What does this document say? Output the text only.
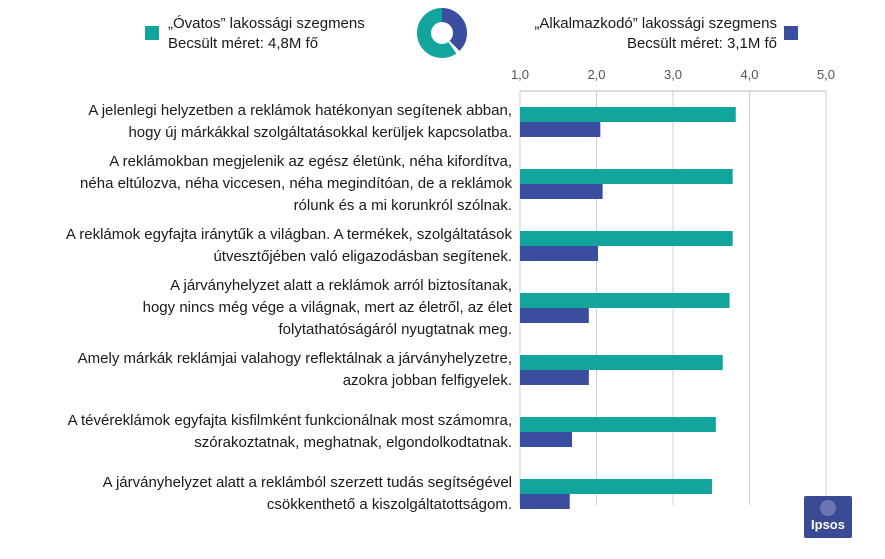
„Óvatos” lakossági szegmens
Becsült méret: 4,8M fő
„Alkalmazkodó” lakossági szegmens
Becsült méret: 3,1M fő
1,0	2,0	3,0	4,0	5,0
A jelenlegi helyzetben a reklámok hatékonyan segítenek abban,
hogy új márkákkal szolgáltatásokkal kerüljek kapcsolatba.
A reklámokban megjelenik az egész életünk, néha kifordítva,
néha eltúlozva, néha viccesen, néha megindítóan, de a reklámok
rólunk és a mi korunkról szólnak.
A reklámok egyfajta iránytűk a világban. A termékek, szolgáltatások
útvesztőjében való eligazodásban segítenek.
A járványhelyzet alatt a reklámok arról biztosítanak,
hogy nincs még vége a világnak, mert az életről, az élet
folytathatóságáról nyugtatnak meg.
Amely márkák reklámjai valahogy reflektálnak a járványhelyzetre,
azokra jobban felfigyelek.
A tévéreklámok egyfajta kisfilmként funkcionálnak most számomra,
szórakoztatnak, meghatnak, elgondolkodtatnak.
A járványhelyzet alatt a reklámból szerzett tudás segítségével
csökkenthető a kiszolgáltatottságom.
Ipsos
